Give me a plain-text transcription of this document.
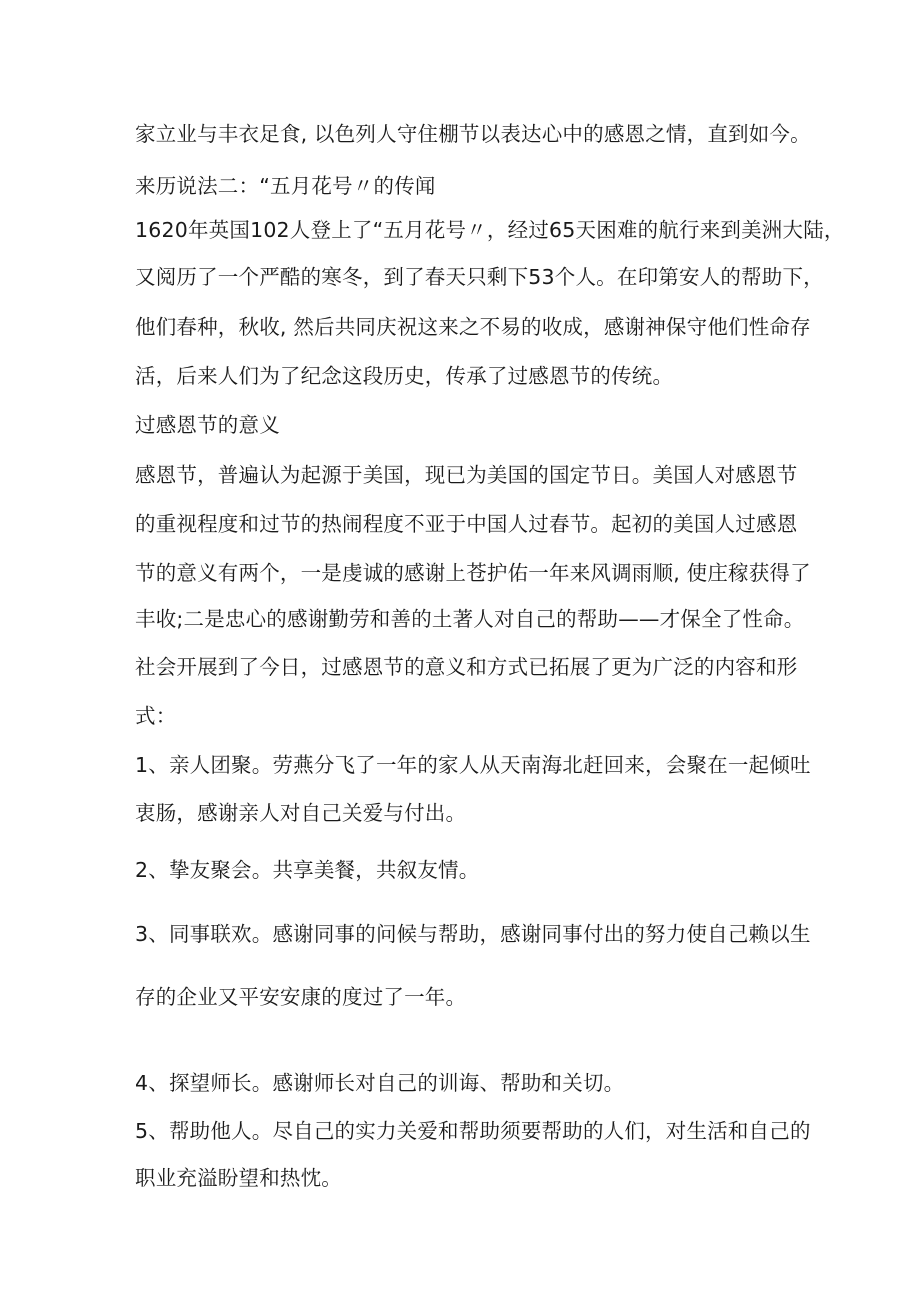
家立业与丰衣足食, 以色列人守住棚节以表达心中的感恩之情，直到如今。
来历说法二：“五月花号〃的传闻
1620年英国102人登上了“五月花号〃，经过65天困难的航行来到美洲大陆，
又阅历了一个严酷的寒冬，到了春天只剩下53个人。在印第安人的帮助下，
他们春种，秋收, 然后共同庆祝这来之不易的收成，感谢神保守他们性命存
活，后来人们为了纪念这段历史，传承了过感恩节的传统。
过感恩节的意义
感恩节，普遍认为起源于美国，现已为美国的国定节日。美国人对感恩节
的重视程度和过节的热闹程度不亚于中国人过春节。起初的美国人过感恩
节的意义有两个，一是虔诚的感谢上苍护佑一年来风调雨顺, 使庄稼获得了
丰收;二是忠心的感谢勤劳和善的土著人对自己的帮助——才保全了性命。
社会开展到了今日，过感恩节的意义和方式已拓展了更为广泛的内容和形
式：
1、亲人团聚。劳燕分飞了一年的家人从天南海北赶回来，会聚在一起倾吐
衷肠，感谢亲人对自己关爱与付出。
2、挚友聚会。共享美餐，共叙友情。
3、同事联欢。感谢同事的问候与帮助，感谢同事付出的努力使自己赖以生
存的企业又平安安康的度过了一年。
4、探望师长。感谢师长对自己的训诲、帮助和关切。
5、帮助他人。尽自己的实力关爱和帮助须要帮助的人们，对生活和自己的
职业充溢盼望和热忱。
